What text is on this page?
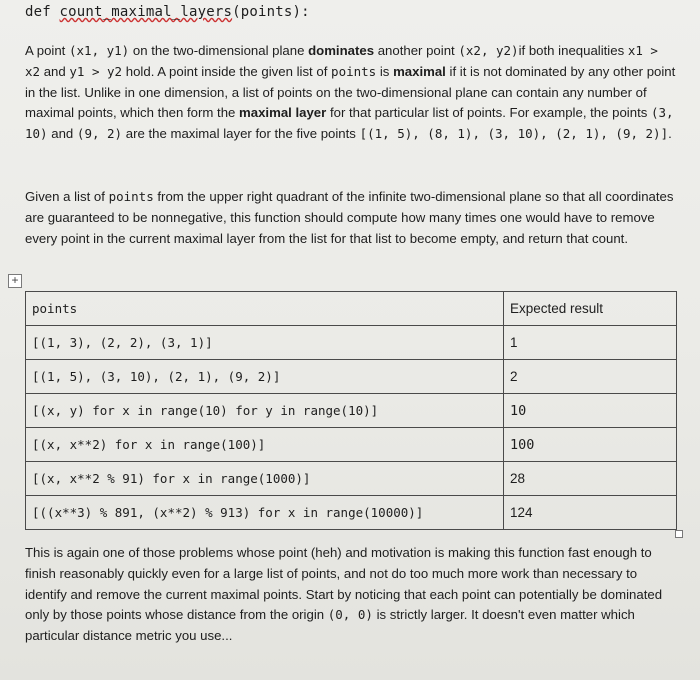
def count_maximal_layers(points):

A point (x1, y1) on the two-dimensional plane dominates another point (x2, y2)if both inequalities x1 > x2 and y1 > y2 hold. A point inside the given list of points is maximal if it is not dominated by any other point in the list. Unlike in one dimension, a list of points on the two-dimensional plane can contain any number of maximal points, which then form the maximal layer for that particular list of points. For example, the points (3, 10) and (9, 2) are the maximal layer for the five points [(1, 5), (8, 1), (3, 10), (2, 1), (9, 2)].

Given a list of points from the upper right quadrant of the infinite two-dimensional plane so that all coordinates are guaranteed to be nonnegative, this function should compute how many times one would have to remove every point in the current maximal layer from the list for that list to become empty, and return that count.

+
points	Expected result
[(1, 3), (2, 2), (3, 1)]	1
[(1, 5), (3, 10), (2, 1), (9, 2)]	2
[(x, y) for x in range(10) for y in range(10)]	10
[(x, x**2) for x in range(100)]	100
[(x, x**2 % 91) for x in range(1000)]	28
[((x**3) % 891, (x**2) % 913) for x in range(10000)]	124

This is again one of those problems whose point (heh) and motivation is making this function fast enough to finish reasonably quickly even for a large list of points, and not do too much more work than necessary to identify and remove the current maximal points. Start by noticing that each point can potentially be dominated only by those points whose distance from the origin (0, 0) is strictly larger. It doesn't even matter which particular distance metric you use...
